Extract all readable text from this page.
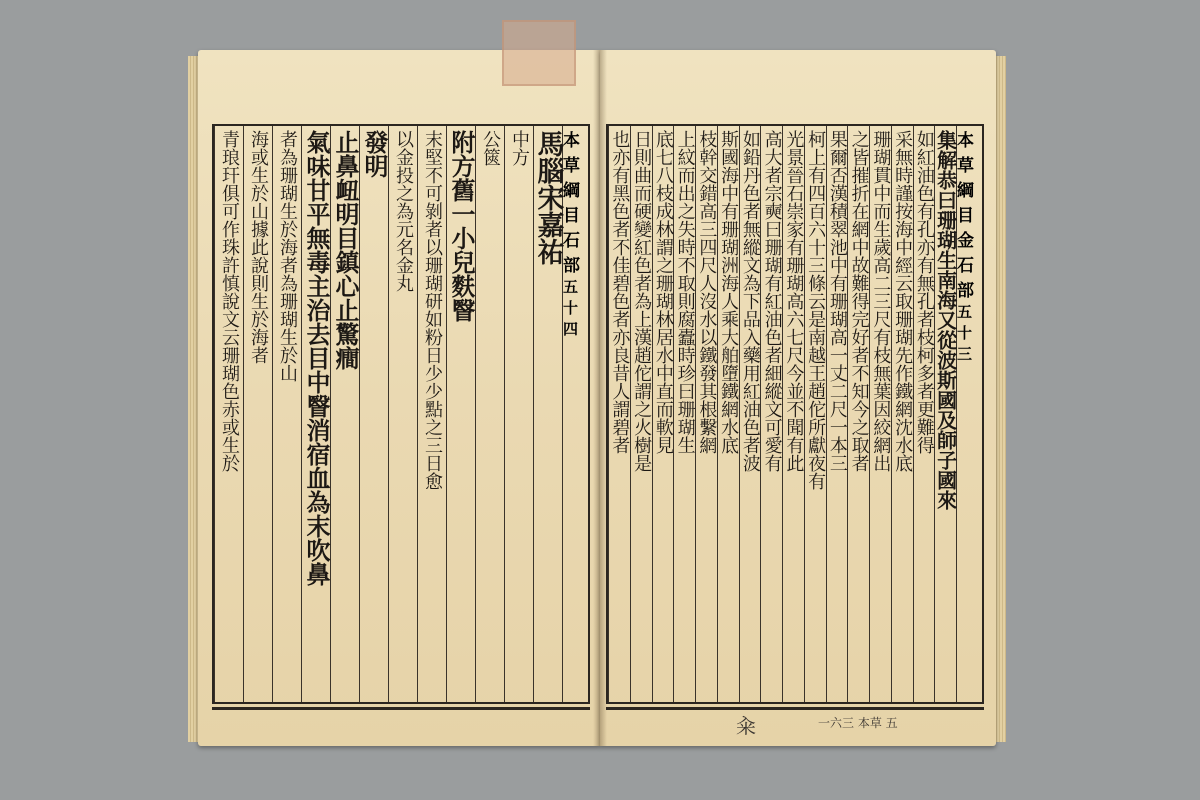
本草綱目石部
五十四
馬腦宋嘉祐
中方
公篋
附方舊一小兒麩瞖
末堅不可剝者以珊瑚研如粉日少少點之三日愈
以金投之為元名金丸
發明
止鼻衄明目鎮心止驚癎
氣味甘平無毒主治去目中瞖消宿血為末吹鼻
者為珊瑚生於海者為珊瑚生於山
海或生於山據此說則生於海者
青琅玕俱可作珠許慎說文云珊瑚色赤或生於	本草綱目金石部
五十三
集解恭曰珊瑚生南海又從波斯國及師子國來
如紅油色有孔亦有無孔者枝柯多者更難得
采無時謹按海中經云取珊瑚先作鐵網沈水底
珊瑚貫中而生歲高二三尺有枝無葉因絞網出
之皆摧折在網中故難得完好者不知今之取者
果爾否漢積翠池中有珊瑚高一丈二尺一本三
柯上有四百六十三條云是南越王趙佗所獻夜有
光景晉石崇家有珊瑚高六七尺今並不聞有此
高大者宗奭曰珊瑚有紅油色者細縱文可愛有
如鉛丹色者無縱文為下品入藥用紅油色者波
斯國海中有珊瑚洲海人乘大舶墮鐵網水底
枝幹交錯高三四尺人沒水以鐵發其根繫網
上紋而出之失時不取則腐蠹時珍曰珊瑚生
底七八枝成林謂之珊瑚林居水中直而軟見
日則曲而硬變紅色者為上漢趙佗謂之火樹是
也亦有黑色者不佳碧色者亦良昔人謂碧者
籴	一六三 本草 五
